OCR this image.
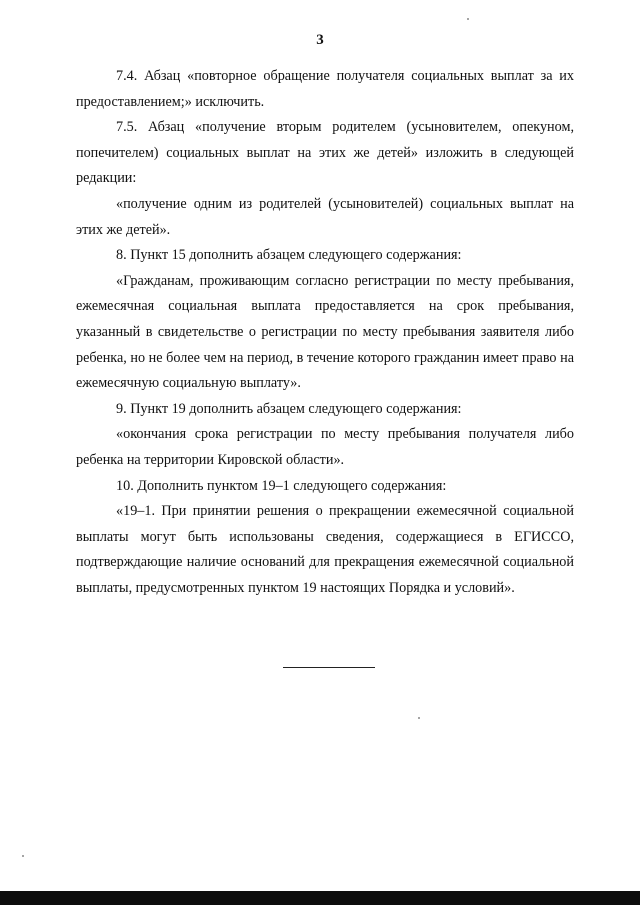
3

7.4. Абзац «повторное обращение получателя социальных выплат за их предоставлением;» исключить.

7.5. Абзац «получение вторым родителем (усыновителем, опекуном, попечителем) социальных выплат на этих же детей» изложить в следующей редакции:

«получение одним из родителей (усыновителей) социальных выплат на этих же детей».

8. Пункт 15 дополнить абзацем следующего содержания:

«Гражданам, проживающим согласно регистрации по месту пребывания, ежемесячная социальная выплата предоставляется на срок пребывания, указанный в свидетельстве о регистрации по месту пребывания заявителя либо ребенка, но не более чем на период, в течение которого гражданин имеет право на ежемесячную социальную выплату».

9. Пункт 19 дополнить абзацем следующего содержания:

«окончания срока регистрации по месту пребывания получателя либо ребенка на территории Кировской области».

10. Дополнить пунктом 19–1 следующего содержания:

«19–1. При принятии решения о прекращении ежемесячной социальной выплаты могут быть использованы сведения, содержащиеся в ЕГИССО, подтверждающие наличие оснований для прекращения ежемесячной социальной выплаты, предусмотренных пунктом 19 настоящих Порядка и условий».
